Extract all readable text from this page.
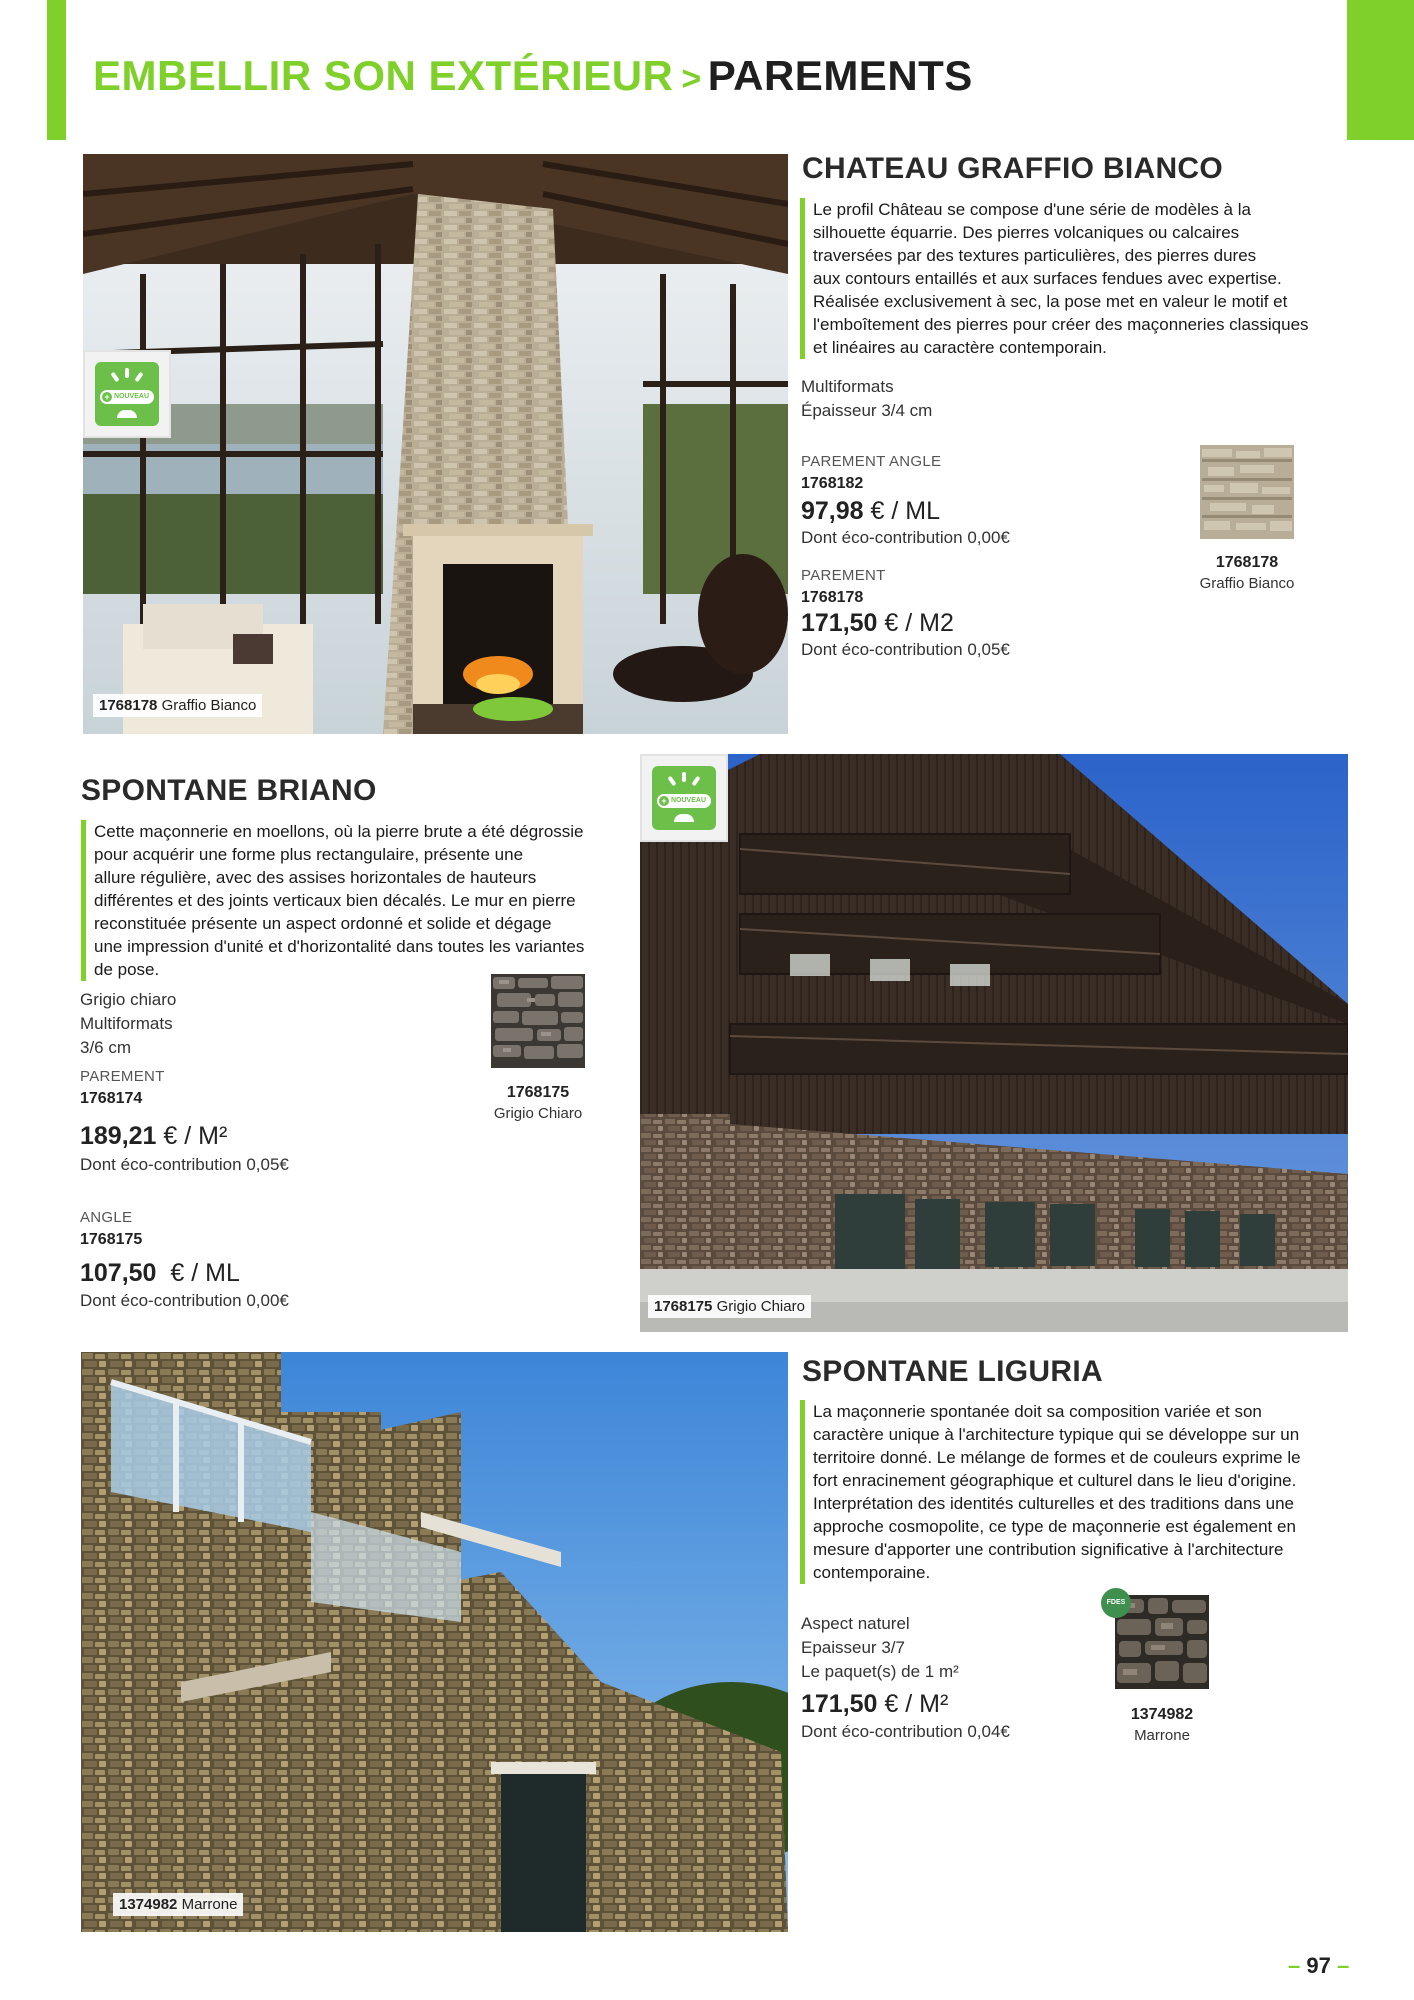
EMBELLIR SON EXTÉRIEUR > PAREMENTS
1768178 Graffio Bianco
NOUVEAU
+
CHATEAU GRAFFIO BIANCO

Le profil Château se compose d'une série de modèles à la

silhouette équarrie. Des pierres volcaniques ou calcaires

traversées par des textures particulières, des pierres dures

aux contours entaillés et aux surfaces fendues avec expertise.

Réalisée exclusivement à sec, la pose met en valeur le motif et

l'emboîtement des pierres pour créer des maçonneries classiques

et linéaires au caractère contemporain.

Multiformats
Épaisseur 3/4 cm
PAREMENT ANGLE
1768182
97,98 € / ML
Dont éco-contribution 0,00€
PAREMENT
1768178
171,50 € / M2
Dont éco-contribution 0,05€
1768178
Graffio Bianco
SPONTANE BRIANO

Cette maçonnerie en moellons, où la pierre brute a été dégrossie

pour acquérir une forme plus rectangulaire, présente une

allure régulière, avec des assises horizontales de hauteurs

différentes et des joints verticaux bien décalés. Le mur en pierre

reconstituée présente un aspect ordonné et solide et dégage

une impression d'unité et d'horizontalité dans toutes les variantes

de pose.

Grigio chiaro
Multiformats
3/6 cm
PAREMENT
1768174
189,21 € / M²
Dont éco-contribution 0,05€
ANGLE
1768175
107,50 € / ML
Dont éco-contribution 0,00€
1768175
Grigio Chiaro
1768175 Grigio Chiaro
NOUVEAU
+
1374982 Marrone
SPONTANE LIGURIA

La maçonnerie spontanée doit sa composition variée et son

caractère unique à l'architecture typique qui se développe sur un

territoire donné. Le mélange de formes et de couleurs exprime le

fort enracinement géographique et culturel dans le lieu d'origine.

Interprétation des identités culturelles et des traditions dans une

approche cosmopolite, ce type de maçonnerie est également en

mesure d'apporter une contribution significative à l'architecture

contemporaine.

Aspect naturel
Epaisseur 3/7
Le paquet(s) de 1 m²
171,50 € / M²
Dont éco-contribution 0,04€
FDES
1374982
Marrone
– 97 –
